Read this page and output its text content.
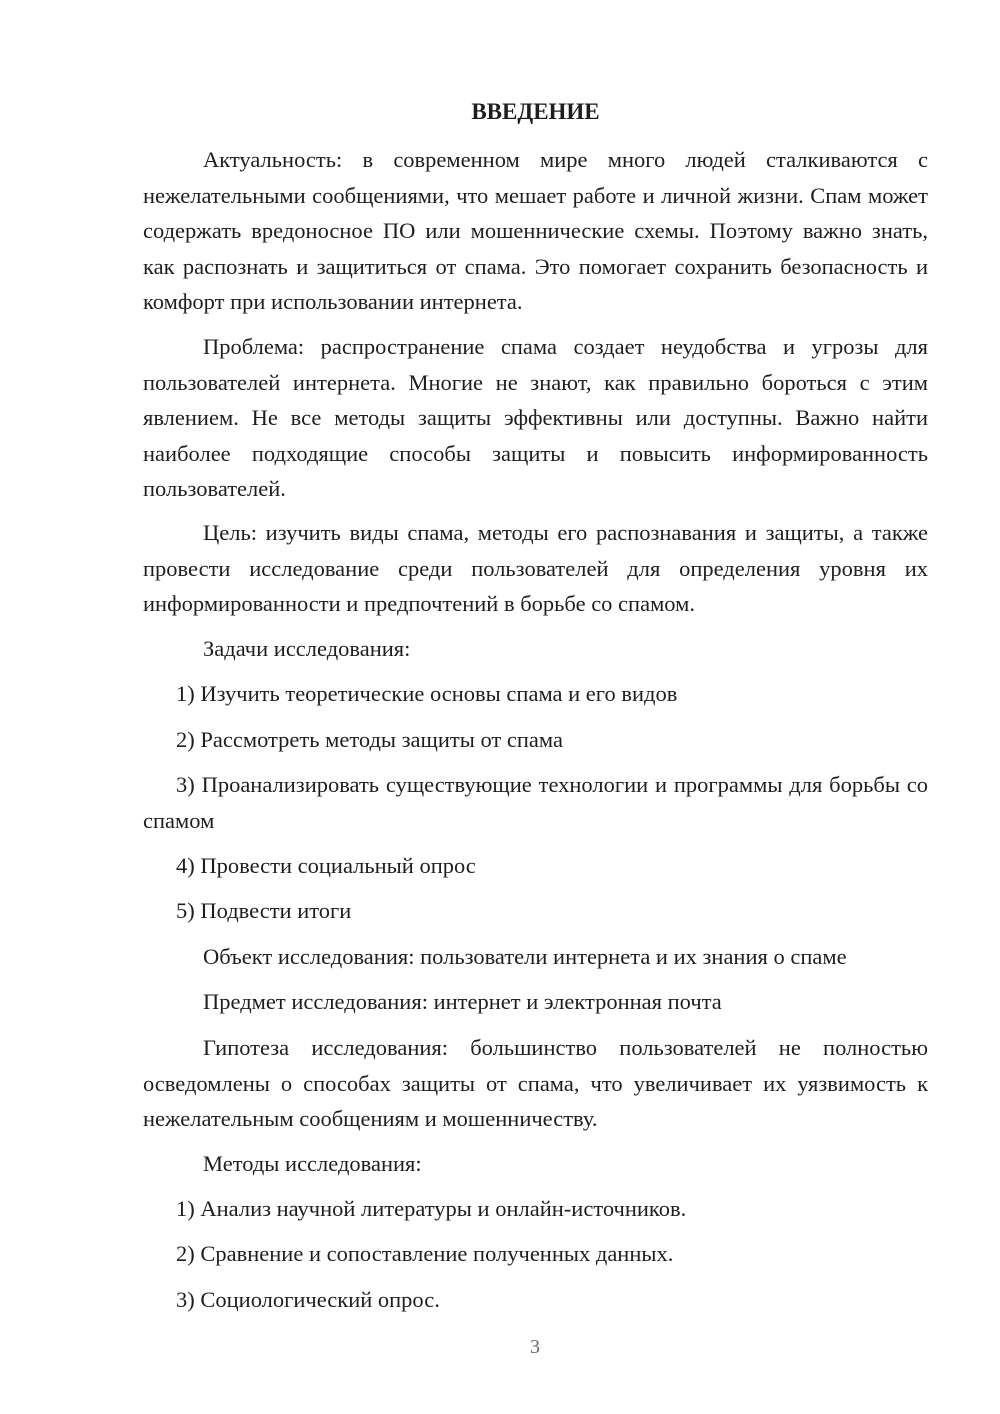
ВВЕДЕНИЕ

Актуальность: в современном мире много людей сталкиваются с нежелательными сообщениями, что мешает работе и личной жизни. Спам может содержать вредоносное ПО или мошеннические схемы. Поэтому важно знать, как распознать и защититься от спама. Это помогает сохранить безопасность и комфорт при использовании интернета.

Проблема: распространение спама создает неудобства и угрозы для пользователей интернета. Многие не знают, как правильно бороться с этим явлением. Не все методы защиты эффективны или доступны. Важно найти наиболее подходящие способы защиты и повысить информированность пользователей.

Цель: изучить виды спама, методы его распознавания и защиты, а также провести исследование среди пользователей для определения уровня их информированности и предпочтений в борьбе со спамом.

Задачи исследования:

1) Изучить теоретические основы спама и его видов

2) Рассмотреть методы защиты от спама

3) Проанализировать существующие технологии и программы для борьбы со спамом

4) Провести социальный опрос

5) Подвести итоги

Объект исследования: пользователи интернета и их знания о спаме

Предмет исследования: интернет и электронная почта

Гипотеза исследования: большинство пользователей не полностью осведомлены о способах защиты от спама, что увеличивает их уязвимость к нежелательным сообщениям и мошенничеству.

Методы исследования:

1) Анализ научной литературы и онлайн-источников.

2) Сравнение и сопоставление полученных данных.

3) Социологический опрос.

3
